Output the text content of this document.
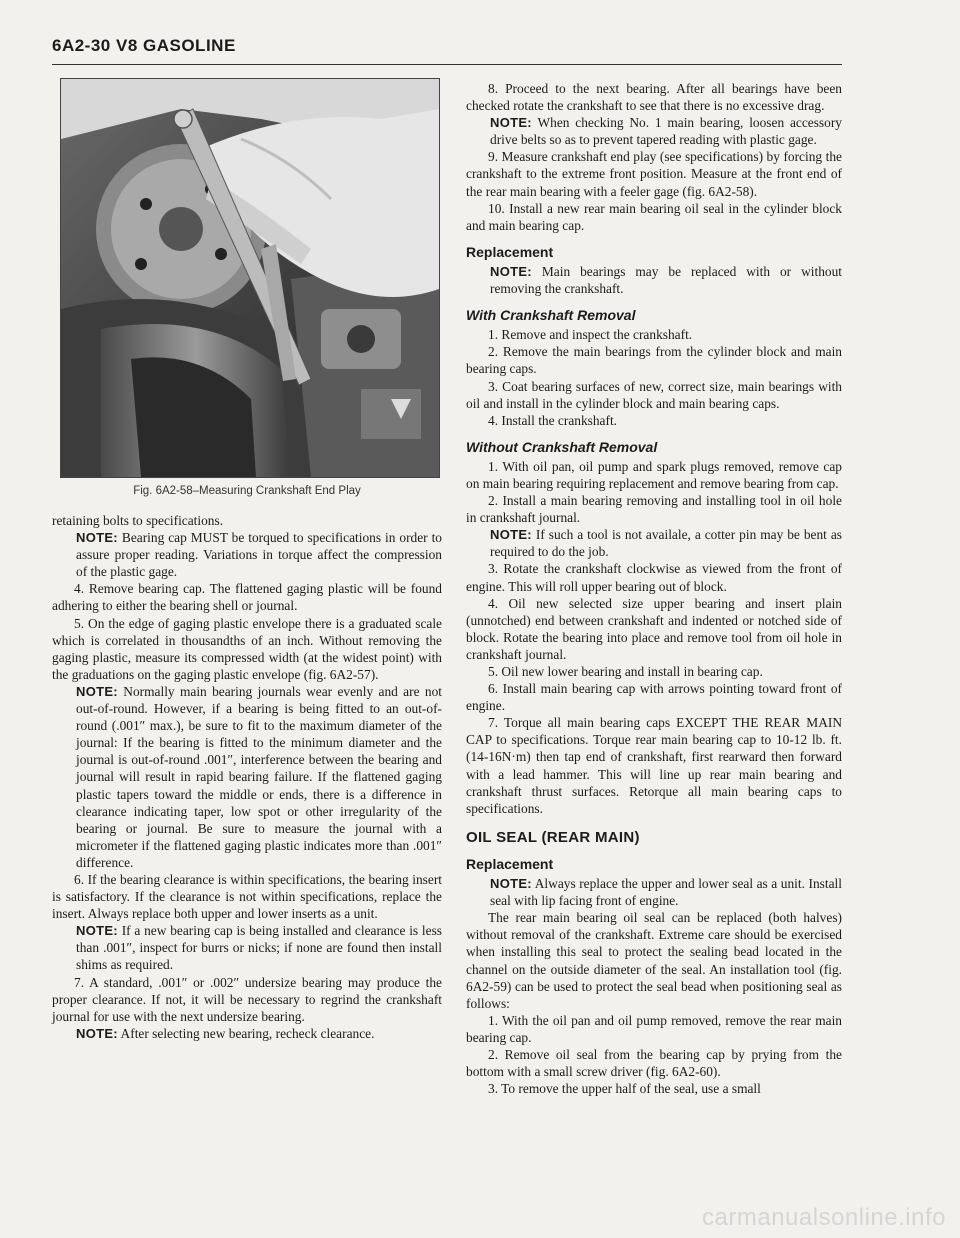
6A2-30 V8 GASOLINE
Fig. 6A2-58–Measuring Crankshaft End Play

retaining bolts to specifications.

NOTE: Bearing cap MUST be torqued to specifications in order to assure proper reading. Variations in torque affect the compression of the plastic gage.

4. Remove bearing cap. The flattened gaging plastic will be found adhering to either the bearing shell or journal.

5. On the edge of gaging plastic envelope there is a graduated scale which is correlated in thousandths of an inch. Without removing the gaging plastic, measure its compressed width (at the widest point) with the graduations on the gaging plastic envelope (fig. 6A2-57).

NOTE: Normally main bearing journals wear evenly and are not out-of-round. However, if a bearing is being fitted to an out-of-round (.001″ max.), be sure to fit to the maximum diameter of the journal: If the bearing is fitted to the minimum diameter and the journal is out-of-round .001″, interference between the bearing and journal will result in rapid bearing failure. If the flattened gaging plastic tapers toward the middle or ends, there is a difference in clearance indicating taper, low spot or other irregularity of the bearing or journal. Be sure to measure the journal with a micrometer if the flattened gaging plastic indicates more than .001″ difference.

6. If the bearing clearance is within specifications, the bearing insert is satisfactory. If the clearance is not within specifications, replace the insert. Always replace both upper and lower inserts as a unit.

NOTE: If a new bearing cap is being installed and clearance is less than .001″, inspect for burrs or nicks; if none are found then install shims as required.

7. A standard, .001″ or .002″ undersize bearing may produce the proper clearance. If not, it will be necessary to regrind the crankshaft journal for use with the next undersize bearing.

NOTE: After selecting new bearing, recheck clearance.

8. Proceed to the next bearing. After all bearings have been checked rotate the crankshaft to see that there is no excessive drag.

NOTE: When checking No. 1 main bearing, loosen accessory drive belts so as to prevent tapered reading with plastic gage.

9. Measure crankshaft end play (see specifications) by forcing the crankshaft to the extreme front position. Measure at the front end of the rear main bearing with a feeler gage (fig. 6A2-58).

10. Install a new rear main bearing oil seal in the cylinder block and main bearing cap.

Replacement

NOTE: Main bearings may be replaced with or without removing the crankshaft.

With Crankshaft Removal

1. Remove and inspect the crankshaft.

2. Remove the main bearings from the cylinder block and main bearing caps.

3. Coat bearing surfaces of new, correct size, main bearings with oil and install in the cylinder block and main bearing caps.

4. Install the crankshaft.

Without Crankshaft Removal

1. With oil pan, oil pump and spark plugs removed, remove cap on main bearing requiring replacement and remove bearing from cap.

2. Install a main bearing removing and installing tool in oil hole in crankshaft journal.

NOTE: If such a tool is not availale, a cotter pin may be bent as required to do the job.

3. Rotate the crankshaft clockwise as viewed from the front of engine. This will roll upper bearing out of block.

4. Oil new selected size upper bearing and insert plain (unnotched) end between crankshaft and indented or notched side of block. Rotate the bearing into place and remove tool from oil hole in crankshaft journal.

5. Oil new lower bearing and install in bearing cap.

6. Install main bearing cap with arrows pointing toward front of engine.

7. Torque all main bearing caps EXCEPT THE REAR MAIN CAP to specifications. Torque rear main bearing cap to 10-12 lb. ft. (14-16N·m) then tap end of crankshaft, first rearward then forward with a lead hammer. This will line up rear main bearing and crankshaft thrust surfaces. Retorque all main bearing caps to specifications.

OIL SEAL (REAR MAIN)
Replacement

NOTE: Always replace the upper and lower seal as a unit. Install seal with lip facing front of engine.

The rear main bearing oil seal can be replaced (both halves) without removal of the crankshaft. Extreme care should be exercised when installing this seal to protect the sealing bead located in the channel on the outside diameter of the seal. An installation tool (fig. 6A2-59) can be used to protect the seal bead when positioning seal as follows:

1. With the oil pan and oil pump removed, remove the rear main bearing cap.

2. Remove oil seal from the bearing cap by prying from the bottom with a small screw driver (fig. 6A2-60).

3. To remove the upper half of the seal, use a small

carmanualsonline.info
